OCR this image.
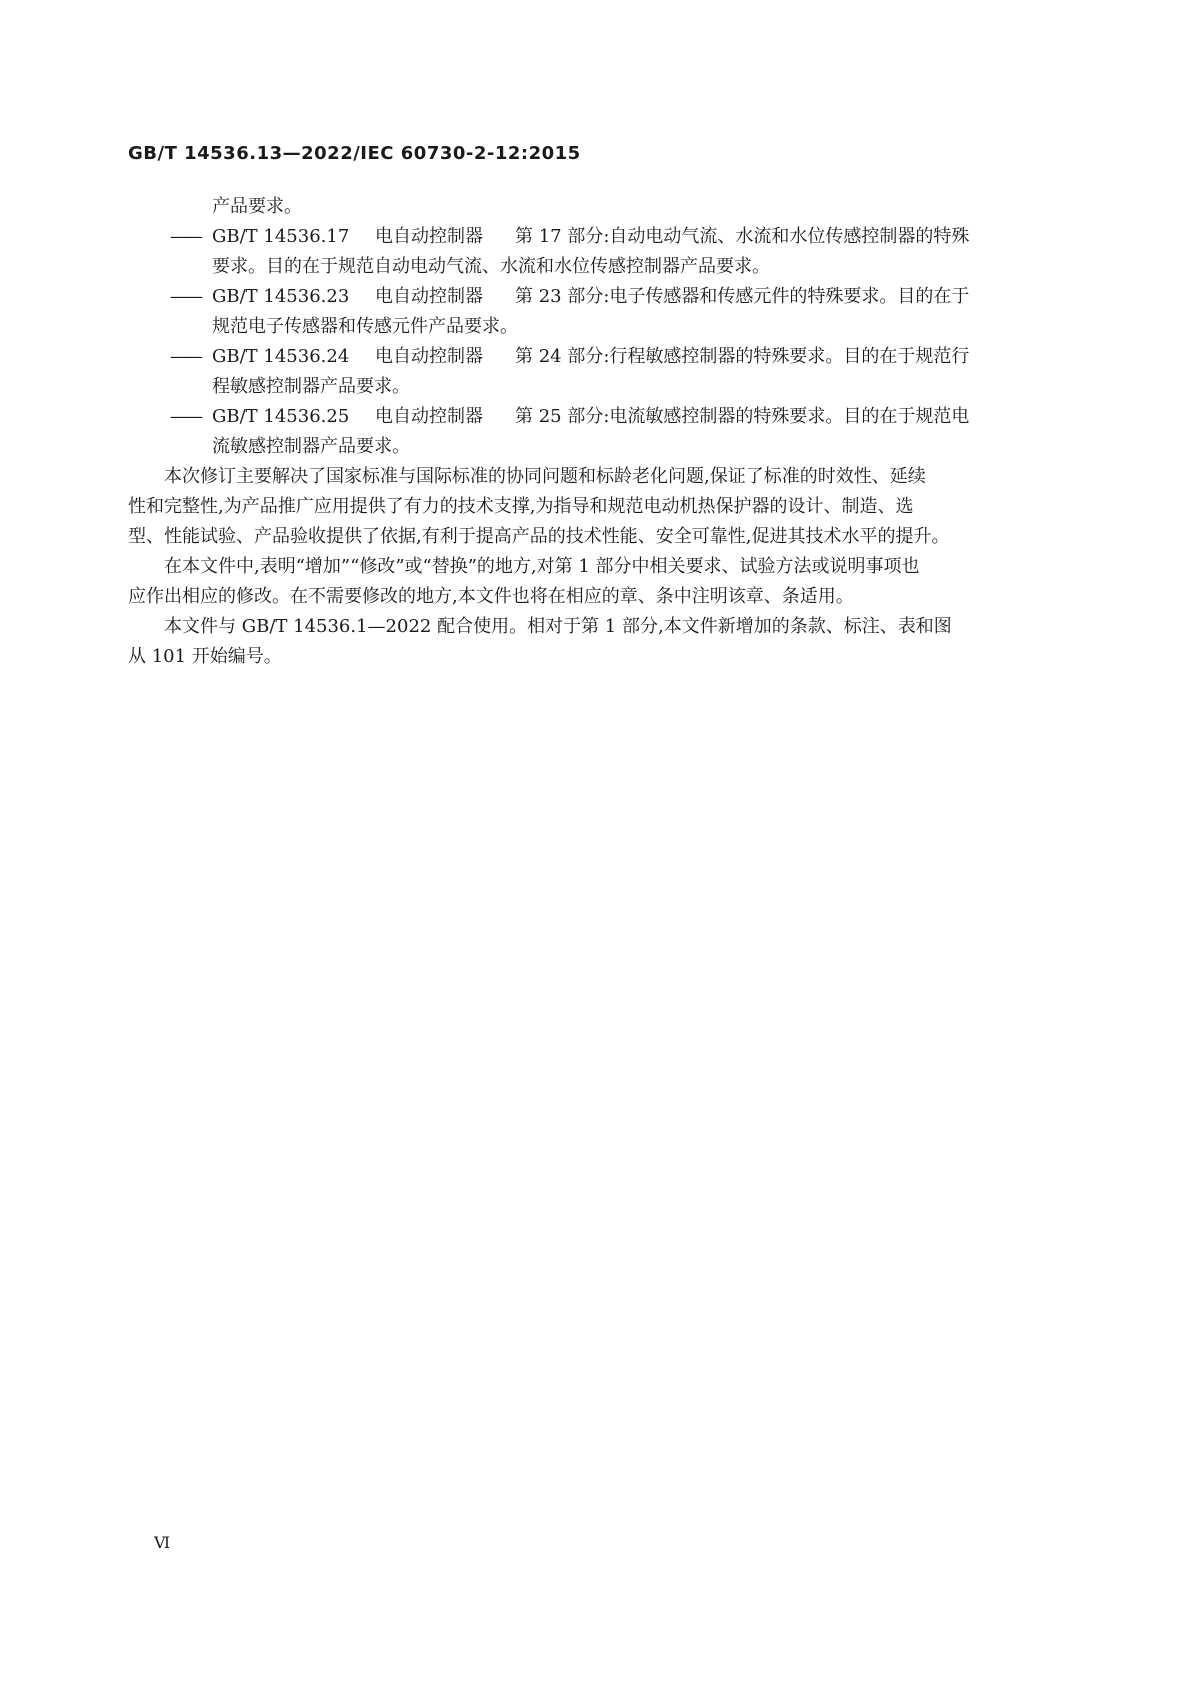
GB/T 14536.13—2022/IEC 60730-2-12:2015
产品要求。
—— GB/T 14536.17 电自动控制器 第 17 部分:自动电动气流、水流和水位传感控制器的特殊
要求。目的在于规范自动电动气流、水流和水位传感控制器产品要求。
—— GB/T 14536.23 电自动控制器 第 23 部分:电子传感器和传感元件的特殊要求。目的在于
规范电子传感器和传感元件产品要求。
—— GB/T 14536.24 电自动控制器 第 24 部分:行程敏感控制器的特殊要求。目的在于规范行
程敏感控制器产品要求。
—— GB/T 14536.25 电自动控制器 第 25 部分:电流敏感控制器的特殊要求。目的在于规范电
流敏感控制器产品要求。
本次修订主要解决了国家标准与国际标准的协同问题和标龄老化问题,保证了标准的时效性、延续
性和完整性,为产品推广应用提供了有力的技术支撑,为指导和规范电动机热保护器的设计、制造、选
型、性能试验、产品验收提供了依据,有利于提高产品的技术性能、安全可靠性,促进其技术水平的提升。
在本文件中,表明“增加”“修改”或“替换”的地方,对第 1 部分中相关要求、试验方法或说明事项也
应作出相应的修改。在不需要修改的地方,本文件也将在相应的章、条中注明该章、条适用。
本文件与 GB/T 14536.1—2022 配合使用。相对于第 1 部分,本文件新增加的条款、标注、表和图
从 101 开始编号。
Ⅵ
